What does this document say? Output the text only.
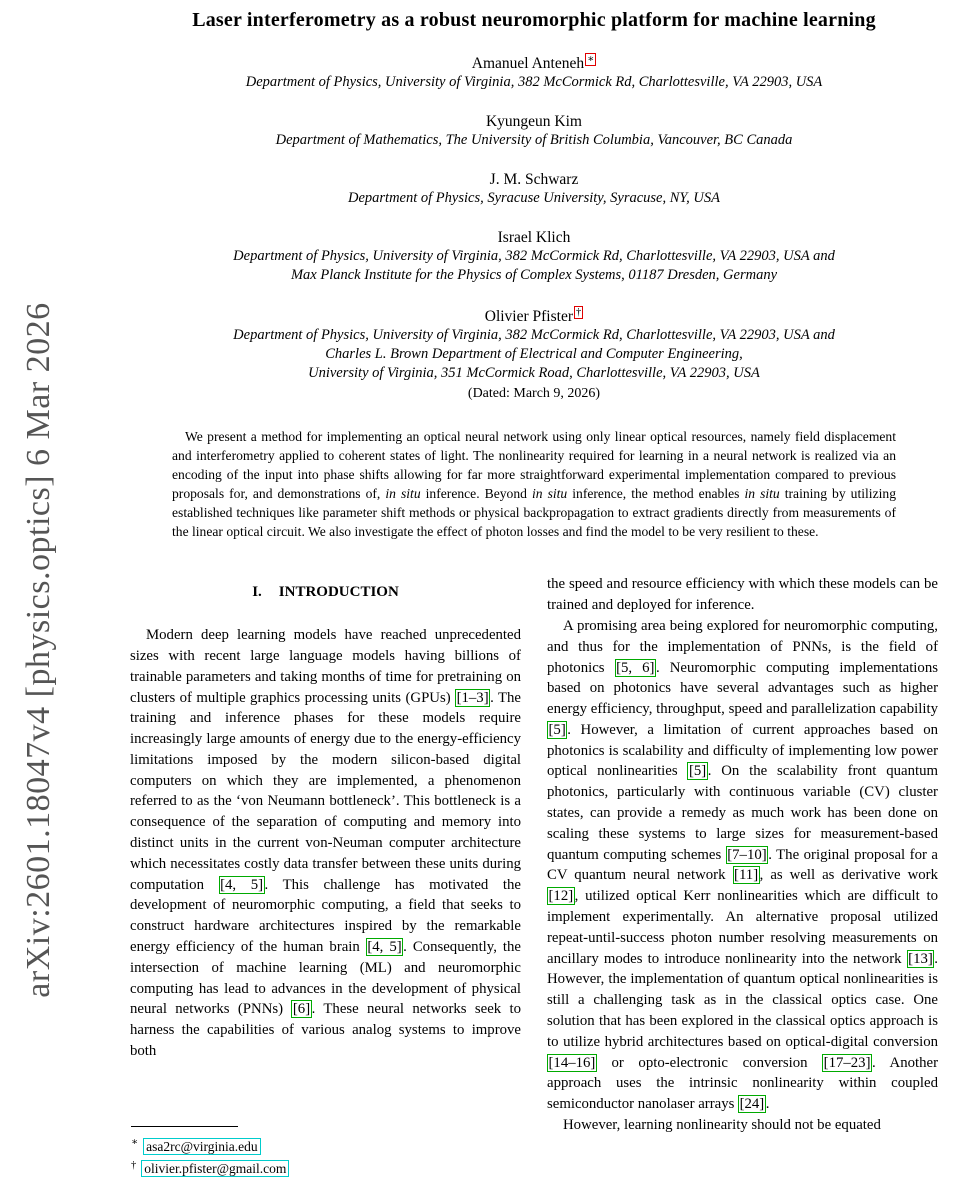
arXiv:2601.18047v4 [physics.optics] 6 Mar 2026
Laser interferometry as a robust neuromorphic platform for machine learning
Amanuel Anteneh ∗
Department of Physics, University of Virginia, 382 McCormick Rd, Charlottesville, VA 22903, USA
Kyungeun Kim
Department of Mathematics, The University of British Columbia, Vancouver, BC Canada
J. M. Schwarz
Department of Physics, Syracuse University, Syracuse, NY, USA
Israel Klich
Department of Physics, University of Virginia, 382 McCormick Rd, Charlottesville, VA 22903, USA and
Max Planck Institute for the Physics of Complex Systems, 01187 Dresden, Germany
Olivier Pfister †
Department of Physics, University of Virginia, 382 McCormick Rd, Charlottesville, VA 22903, USA and
Charles L. Brown Department of Electrical and Computer Engineering,
University of Virginia, 351 McCormick Road, Charlottesville, VA 22903, USA
(Dated: March 9, 2026)
We present a method for implementing an optical neural network using only linear optical resources, namely field displacement and interferometry applied to coherent states of light. The nonlinearity required for learning in a neural network is realized via an encoding of the input into phase shifts allowing for far more straightforward experimental implementation compared to previous proposals for, and demonstrations of, in situ inference. Beyond in situ inference, the method enables in situ training by utilizing established techniques like parameter shift methods or physical backpropagation to extract gradients directly from measurements of the linear optical circuit. We also investigate the effect of photon losses and find the model to be very resilient to these.
I. INTRODUCTION

Modern deep learning models have reached unprecedented sizes with recent large language models having billions of trainable parameters and taking months of time for pretraining on clusters of multiple graphics processing units (GPUs) [1–3] . The training and inference phases for these models require increasingly large amounts of energy due to the energy-efficiency limitations imposed by the modern silicon-based digital computers on which they are implemented, a phenomenon referred to as the ‘von Neumann bottleneck’. This bottleneck is a consequence of the separation of computing and memory into distinct units in the current von-Neuman computer architecture which necessitates costly data transfer between these units during computation [4, 5] . This challenge has motivated the development of neuromorphic computing, a field that seeks to construct hardware architectures inspired by the remarkable energy efficiency of the human brain [4, 5] . Consequently, the intersection of machine learning (ML) and neuromorphic computing has lead to advances in the development of physical neural networks (PNNs) [6] . These neural networks seek to harness the capabilities of various analog systems to improve both

the speed and resource efficiency with which these models can be trained and deployed for inference.

A promising area being explored for neuromorphic computing, and thus for the implementation of PNNs, is the field of photonics [5, 6] . Neuromorphic computing implementations based on photonics have several advantages such as higher energy efficiency, throughput, speed and parallelization capability [5] . However, a limitation of current approaches based on photonics is scalability and difficulty of implementing low power optical nonlinearities [5] . On the scalability front quantum photonics, particularly with continuous variable (CV) cluster states, can provide a remedy as much work has been done on scaling these systems to large sizes for measurement-based quantum computing schemes [7–10] . The original proposal for a CV quantum neural network [11] , as well as derivative work [12] , utilized optical Kerr nonlinearities which are difficult to implement experimentally. An alternative proposal utilized repeat-until-success photon number resolving measurements on ancillary modes to introduce nonlinearity into the network [13] . However, the implementation of quantum optical nonlinearities is still a challenging task as in the classical optics case. One solution that has been explored in the classical optics approach is to utilize hybrid architectures based on optical-digital conversion [14–16] or opto-electronic conversion [17–23] . Another approach uses the intrinsic nonlinearity within coupled semiconductor nanolaser arrays [24] .

However, learning nonlinearity should not be equated

∗ asa2rc@virginia.edu
† olivier.pfister@gmail.com
